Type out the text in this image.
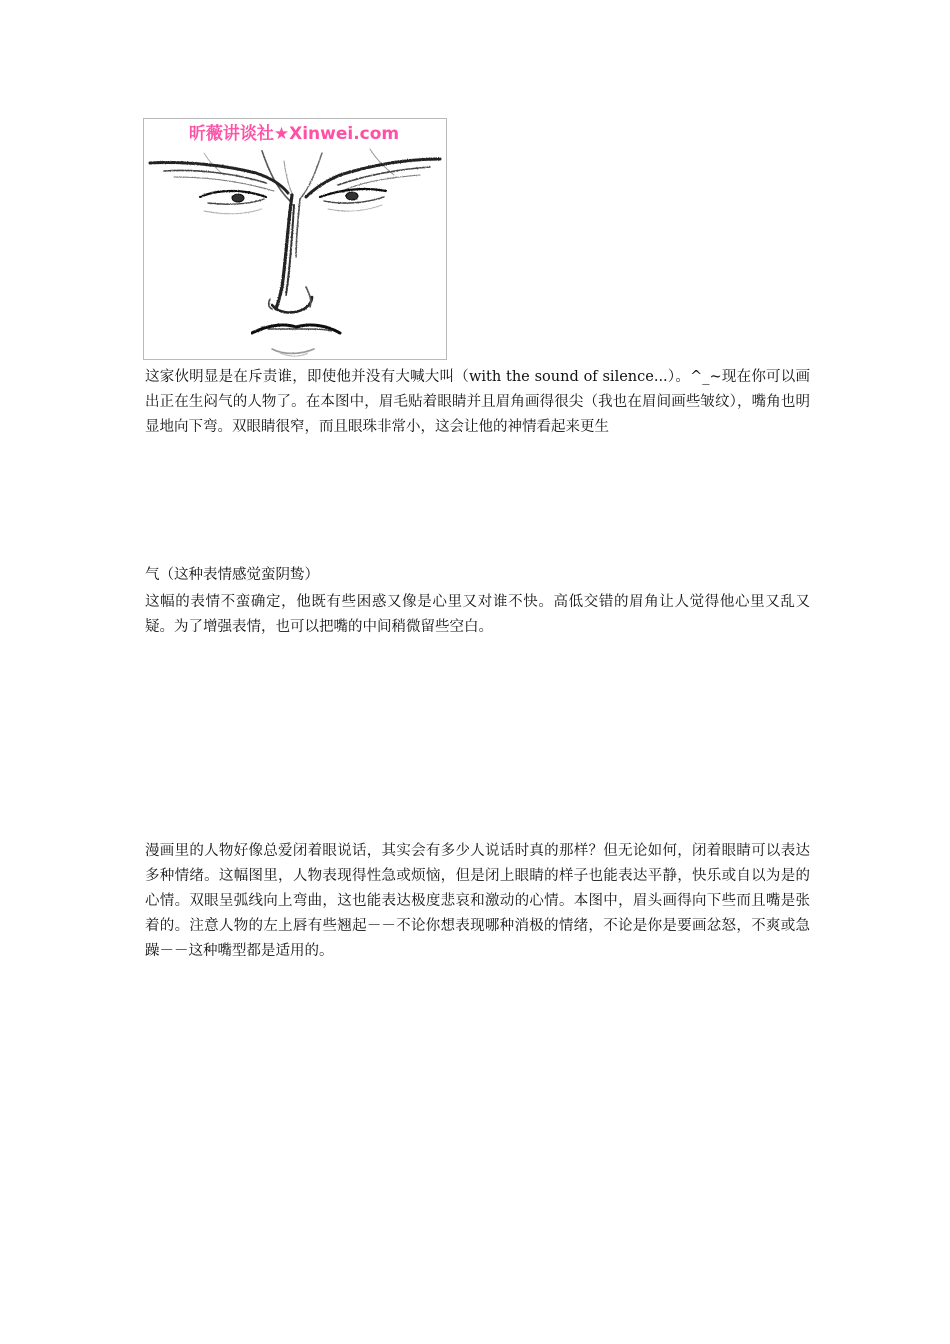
昕薇讲谈社★Xinwei.com

这家伙明显是在斥责谁，即使他并没有大喊大叫（with the sound of silence...）。^_~现在你可以画出正在生闷气的人物了。在本图中，眉毛贴着眼睛并且眉角画得很尖（我也在眉间画些皱纹），嘴角也明显地向下弯。双眼睛很窄，而且眼珠非常小，这会让他的神情看起来更生

气（这种表情感觉蛮阴鸷）

这幅的表情不蛮确定，他既有些困惑又像是心里又对谁不快。高低交错的眉角让人觉得他心里又乱又疑。为了增强表情，也可以把嘴的中间稍微留些空白。

漫画里的人物好像总爱闭着眼说话，其实会有多少人说话时真的那样？但无论如何，闭着眼睛可以表达多种情绪。这幅图里，人物表现得性急或烦恼，但是闭上眼睛的样子也能表达平静，快乐或自以为是的心情。双眼呈弧线向上弯曲，这也能表达极度悲哀和激动的心情。本图中，眉头画得向下些而且嘴是张着的。注意人物的左上唇有些翘起－－不论你想表现哪种消极的情绪，不论是你是要画忿怒，不爽或急躁－－这种嘴型都是适用的。
